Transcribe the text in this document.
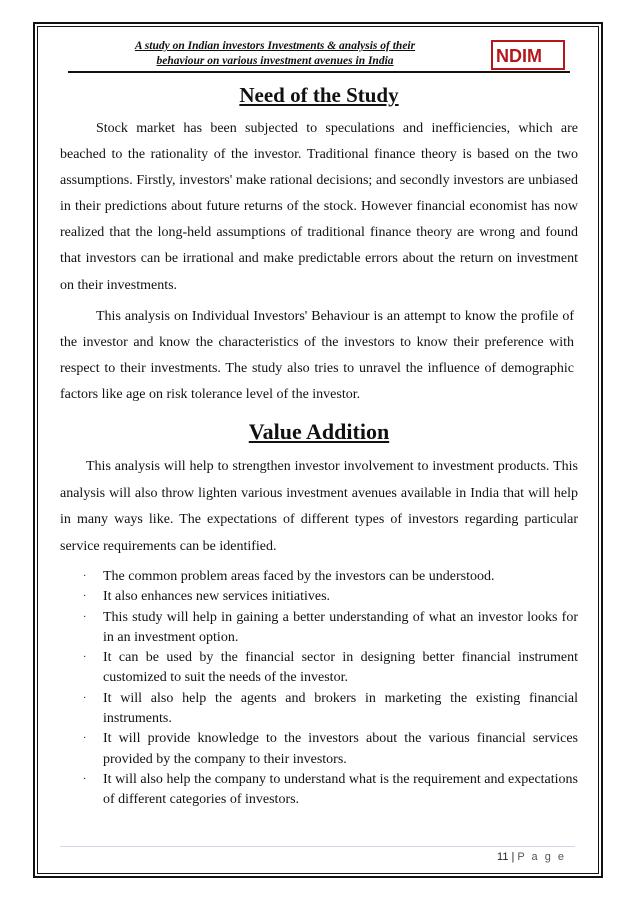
A study on Indian investors Investments & analysis of their
behaviour on various investment avenues in India	NDIM
Need of the Study

Stock market has been subjected to speculations and inefficiencies, which are beached to the rationality of the investor. Traditional finance theory is based on the two assumptions. Firstly, investors' make rational decisions; and secondly investors are unbiased in their predictions about future returns of the stock. However financial economist has now realized that the long-held assumptions of traditional finance theory are wrong and found that investors can be irrational and make predictable errors about the return on investment on their investments.

This analysis on Individual Investors' Behaviour is an attempt to know the profile of the investor and know the characteristics of the investors to know their preference with respect to their investments. The study also tries to unravel the influence of demographic factors like age on risk tolerance level of the investor.

Value Addition

This analysis will help to strengthen investor involvement to investment products. This analysis will also throw lighten various investment avenues available in India that will help in many ways like. The expectations of different types of investors regarding particular service requirements can be identified.

· The common problem areas faced by the investors can be understood.
· It also enhances new services initiatives.
· This study will help in gaining a better understanding of what an investor looks for in an investment option.
· It can be used by the financial sector in designing better financial instrument customized to suit the needs of the investor.
· It will also help the agents and brokers in marketing the existing financial instruments.
· It will provide knowledge to the investors about the various financial services provided by the company to their investors.
· It will also help the company to understand what is the requirement and expectations of different categories of investors.
11 | P a g e
